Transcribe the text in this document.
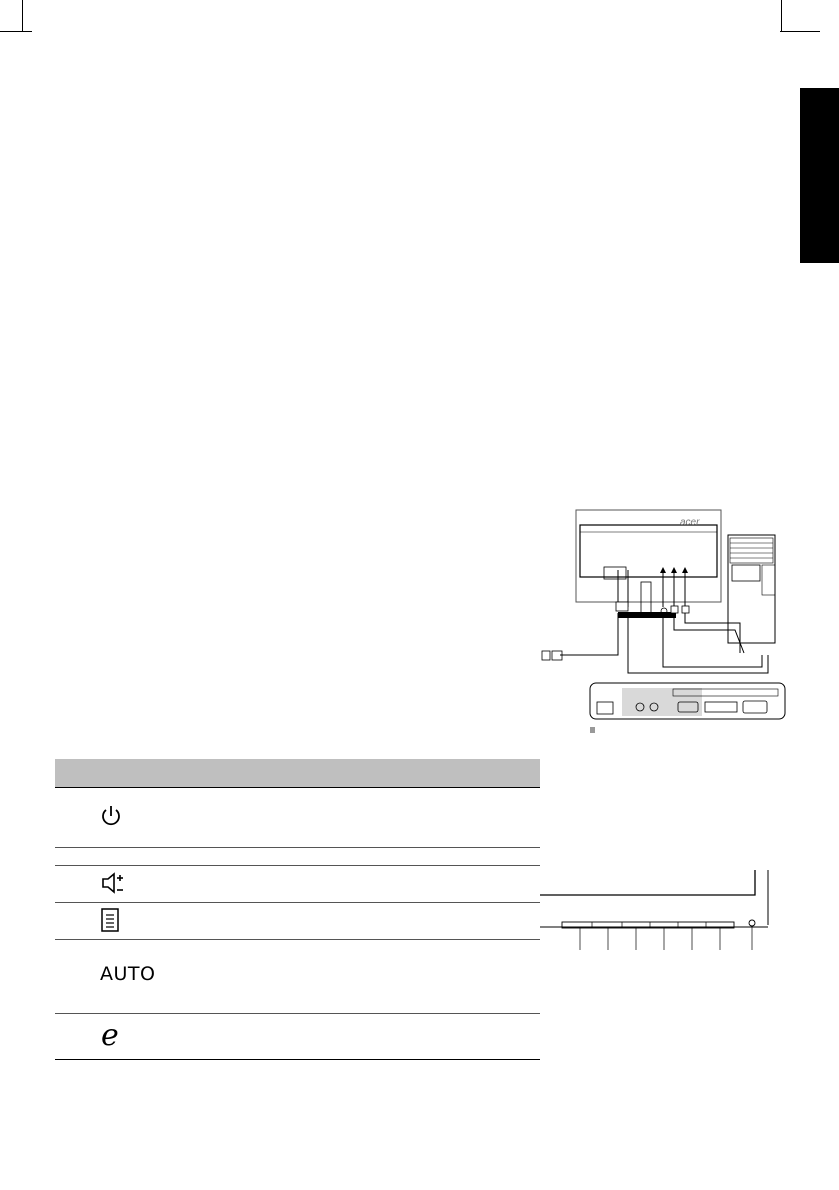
acer
AUTO
e
